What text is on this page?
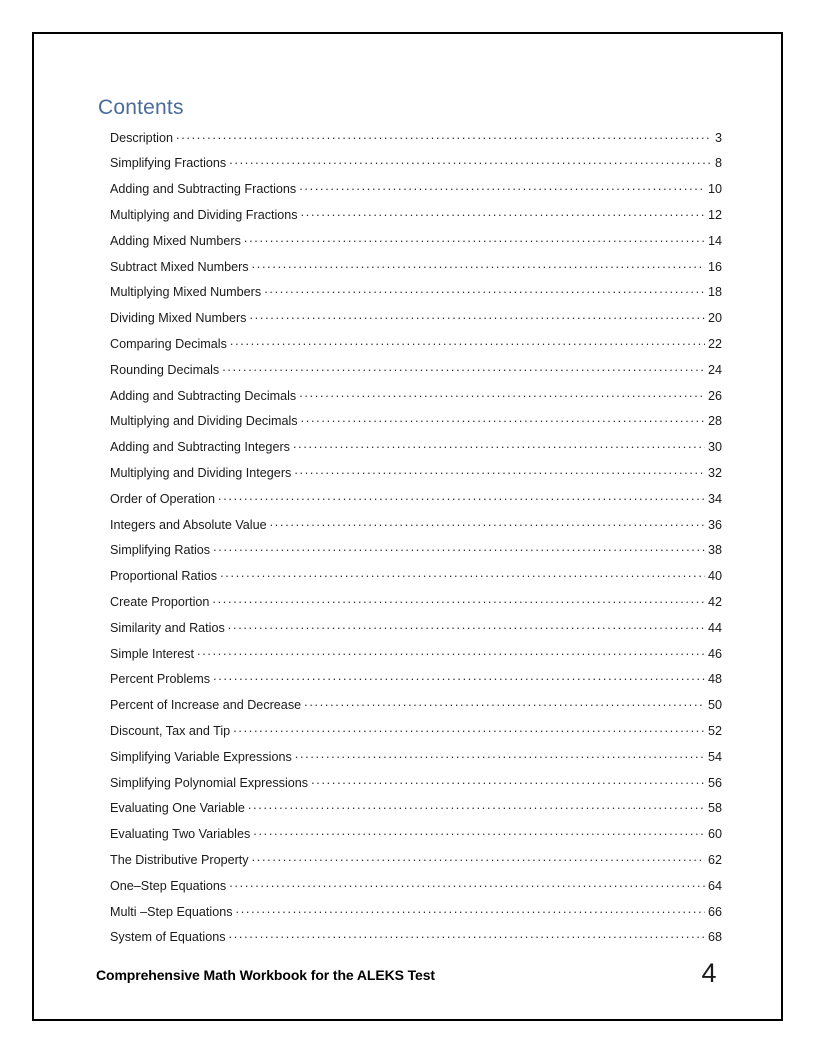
Contents
Description . . .	3
Simplifying Fractions . . .	8
Adding and Subtracting Fractions . . .	10
Multiplying and Dividing Fractions . . .	12
Adding Mixed Numbers . . .	14
Subtract Mixed Numbers . . .	16
Multiplying Mixed Numbers . . .	18
Dividing Mixed Numbers . . .	20
Comparing Decimals . . .	22
Rounding Decimals . . .	24
Adding and Subtracting Decimals . . .	26
Multiplying and Dividing Decimals . . .	28
Adding and Subtracting Integers . . .	30
Multiplying and Dividing Integers . . .	32
Order of Operation . . .	34
Integers and Absolute Value . . .	36
Simplifying Ratios . . .	38
Proportional Ratios . . .	40
Create Proportion . . .	42
Similarity and Ratios . . .	44
Simple Interest . . .	46
Percent Problems . . .	48
Percent of Increase and Decrease . . .	50
Discount, Tax and Tip . . .	52
Simplifying Variable Expressions . . .	54
Simplifying Polynomial Expressions . . .	56
Evaluating One Variable . . .	58
Evaluating Two Variables . . .	60
The Distributive Property . . .	62
One–Step Equations . . .	64
Multi –Step Equations . . .	66
System of Equations . . .	68
Comprehensive Math Workbook for the ALEKS Test	4
